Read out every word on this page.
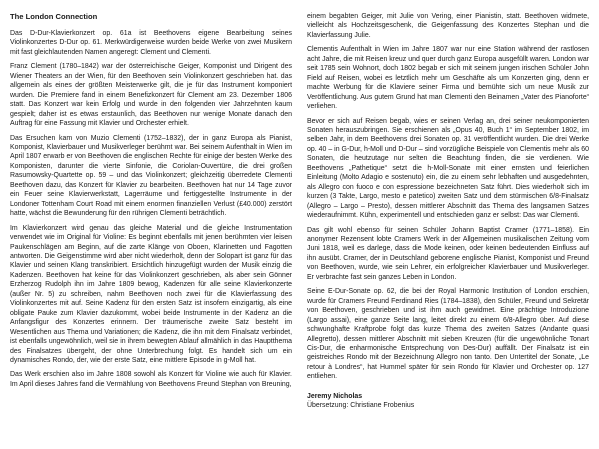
The London Connection

Das D-Dur-Klavierkonzert op. 61a ist Beethovens eigene Bearbeitung seines Violinkonzertes D-Dur op. 61. Merkwürdigerweise wurden beide Werke von zwei Musikern mit fast gleichlautenden Namen angeregt: Clement und Clementi.

Franz Clement (1780–1842) war der österreichische Geiger, Komponist und Dirigent des Wiener Theaters an der Wien, für den Beethoven sein Violinkonzert geschrieben hat. das allgemein als eines der größten Meisterwerke gilt, die je für das Instrument komponiert wurden. Die Premiere fand in einem Benefizkonzert für Clement am 23. Dezember 1806 statt. Das Konzert war kein Erfolg und wurde in den folgenden vier Jahrzehnten kaum gespielt; daher ist es etwas erstaunlich, das Beethoven nur wenige Monate danach den Auftrag für eine Fassung mit Klavier und Orchester erhielt.

Das Ersuchen kam von Muzio Clementi (1752–1832), der in ganz Europa als Pianist, Komponist, Klavierbauer und Musikverleger berühmt war. Bei seinem Aufenthalt in Wien im April 1807 erwarb er von Beethoven die englischen Rechte für einige der besten Werke des Komponisten, darunter die vierte Sinfonie, die Coriolan-Ouvertüre, die drei großen Rasumowsky-Quartette op. 59 – und das Violinkonzert; gleichzeitig überredete Clementi Beethoven dazu, das Konzert für Klavier zu bearbeiten. Beethoven hat nur 14 Tage zuvor ein Feuer seine Klavierwerkstatt, Lagerräume und fertiggestellte Instrumente in der Londoner Tottenham Court Road mit einem enormen finanziellen Verlust (£40.000) zerstört hatte, wächst die Bewunderung für den rührigen Clementi beträchtlich.

Im Klavierkonzert wird genau das gleiche Material und die gleiche Instrumentation verwendet wie im Original für Violine: Es beginnt ebenfalls mit jenen berühmten vier leisen Paukenschlägen am Beginn, auf die zarte Klänge von Oboen, Klarinetten und Fagotten antworten. Die Geigenstimme wird aber nicht wiederholt, denn der Solopart ist ganz für das Klavier und seinen Klang transkribiert. Ersichtlich hinzugefügt wurden der Musik einzig die Kadenzen. Beethoven hat keine für das Violinkonzert geschrieben, als aber sein Gönner Erzherzog Rudolph ihn im Jahre 1809 bewog, Kadenzen für alle seine Klavierkonzerte (außer Nr. 5) zu schreiben, nahm Beethoven noch zwei für die Klavierfassung des Violinkonzertes mit auf. Seine Kadenz für den ersten Satz ist insofern einzigartig, als eine obligate Pauke zum Klavier dazukommt, wobei beide Instrumente in der Kadenz an die Anfangsfigur des Konzertes erinnern. Der träumerische zweite Satz besteht im Wesentlichen aus Thema und Variationen; die Kadenz, die ihn mit dem Finalsatz verbindet, ist ebenfalls ungewöhnlich, weil sie in ihrem bewegten Ablauf allmählich in das Hauptthema des Finalsatzes übergeht, der ohne Unterbrechung folgt. Es handelt sich um ein dynamisches Rondo, der, wie der erste Satz, eine mittlere Episode in g-Moll hat.

Das Werk erschien also im Jahre 1808 sowohl als Konzert für Violine wie auch für Klavier. Im April dieses Jahres fand die Vermählung von Beethovens Freund Stephan von Breuning,

einem begabten Geiger, mit Julie von Vering, einer Pianistin, statt. Beethoven widmete, vielleicht als Hochzeitsgeschenk, die Geigenfassung des Konzertes Stephan und die Klavierfassung Julie.

Clementis Aufenthalt in Wien im Jahre 1807 war nur eine Station während der rastlosen acht Jahre, die mit Reisen kreuz und quer durch ganz Europa ausgefüllt waren. London war seit 1785 sein Wohnort, doch 1802 begab er sich mit seinem jungen irischen Schüler John Field auf Reisen, wobei es letztlich mehr um Geschäfte als um Konzerten ging, denn er machte Werbung für die Klaviere seiner Firma und bemühte sich um neue Musik zur Veröffentlichung. Aus gutem Grund hat man Clementi den Beinamen „Vater des Pianoforte“ verliehen.

Bevor er sich auf Reisen begab, wies er seinen Verlag an, drei seiner neukomponierten Sonaten herauszubringen. Sie erschienen als „Opus 40, Buch 1“ im September 1802, im selben Jahr, in dem Beethovens drei Sonaten op. 31 veröffentlicht wurden. Die drei Werke op. 40 – in G-Dur, h-Moll und D-Dur – sind vorzügliche Beispiele von Clementis mehr als 60 Sonaten, die heutzutage nur selten die Beachtung finden, die sie verdienen. Wie Beethovens „Pathetique“ setzt die h-Moll-Sonate mit einer ernsten und feierlichen Einleitung (Molto Adagio e sostenuto) ein, die zu einem sehr lebhaften und ausgedehnten, als Allegro con fuoco e con espressione bezeichneten Satz führt. Dies wiederholt sich im kurzen (3 Takte, Largo, mesto e patetico) zweiten Satz und dem stürmischen 6/8-Finalsatz (Allegro – Largo – Presto), dessen mittlerer Abschnitt das Thema des langsamen Satzes wiederaufnimmt. Kühn, experimentell und entschieden ganz er selbst: Das war Clementi.

Das gilt wohl ebenso für seinen Schüler Johann Baptist Cramer (1771–1858). Ein anonymer Rezensent lobte Cramers Werk in der Allgemeinen musikalischen Zeitung vom Juni 1818, weil es darlege, dass die Mode keinen, oder keinen bedeutenden Einfluss auf ihn ausübt. Cramer, der in Deutschland geborene englische Pianist, Komponist und Freund von Beethoven, wurde, wie sein Lehrer, ein erfolgreicher Klavierbauer und Musikverleger. Er verbrachte fast sein ganzes Leben in London.

Seine E-Dur-Sonate op. 62, die bei der Royal Harmonic Institution of London erschien, wurde für Cramers Freund Ferdinand Ries (1784–1838), den Schüler, Freund und Sekretär von Beethoven, geschrieben und ist ihm auch gewidmet. Eine prächtige Introduzione (Largo assai), eine ganze Seite lang, leitet direkt zu einem 6/8-Allegro über. Auf diese schwunghafte Kraftprobe folgt das kurze Thema des zweiten Satzes (Andante quasi Allegretto), dessen mittlerer Abschnitt mit sieben Kreuzen (für die ungewöhnliche Tonart Cis-Dur, die enharmonische Entsprechung von Des-Dur) auffällt. Der Finalsatz ist ein geistreiches Rondo mit der Bezeichnung Allegro non tanto. Den Untertitel der Sonate, „Le retour à Londres“, hat Hummel später für sein Rondo für Klavier und Orchester op. 127 entliehen.

Jeremy Nicholas
Übersetzung: Christiane Frobenius
